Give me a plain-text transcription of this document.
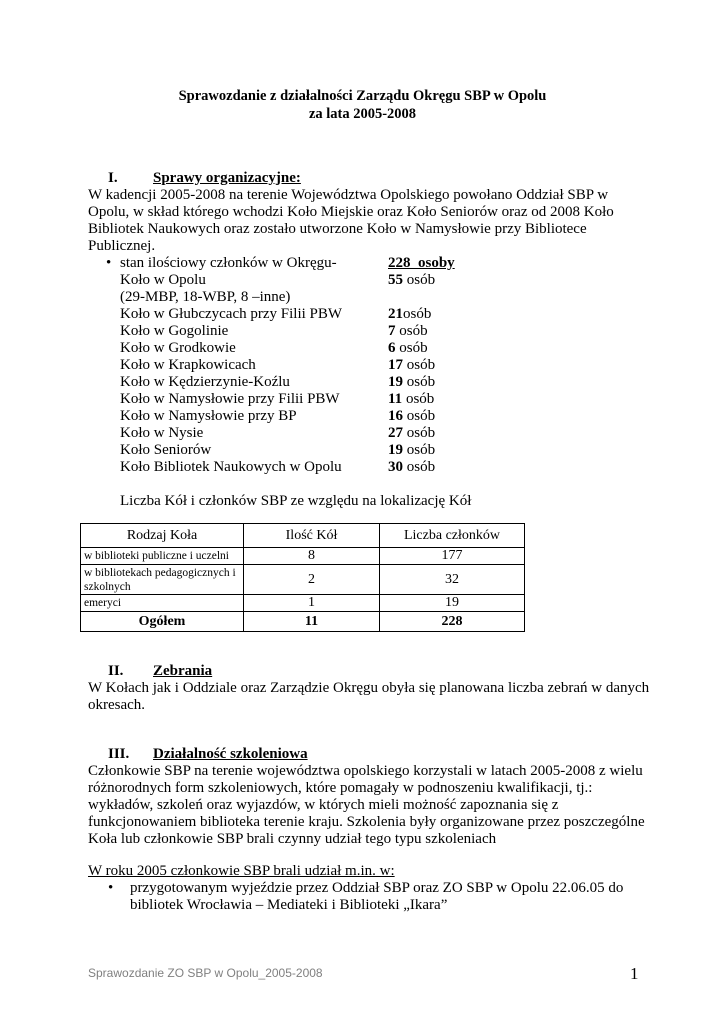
Sprawozdanie z działalności Zarządu Okręgu SBP w Opolu
za lata 2005-2008
I. Sprawy organizacyjne:
W kadencji 2005-2008 na terenie Województwa Opolskiego powołano Oddział SBP w
Opolu, w skład którego wchodzi Koło Miejskie oraz Koło Seniorów oraz od 2008 Koło
Bibliotek Naukowych oraz zostało utworzone Koło w Namysłowie przy Bibliotece
Publicznej.
• stan ilościowy członków w Okręgu-	228 osoby
Koło w Opolu	55 osób
(29-MBP, 18-WBP, 8 –inne)
Koło w Głubczycach przy Filii PBW	21osób
Koło w Gogolinie	7 osób
Koło w Grodkowie	6 osób
Koło w Krapkowicach	17 osób
Koło w Kędzierzynie-Koźlu	19 osób
Koło w Namysłowie przy Filii PBW	11 osób
Koło w Namysłowie przy BP	16 osób
Koło w Nysie	27 osób
Koło Seniorów	19 osób
Koło Bibliotek Naukowych w Opolu	30 osób
Liczba Kół i członków SBP ze względu na lokalizację Kół
Rodzaj Koła	Ilość Kół	Liczba członków
w biblioteki publiczne i uczelni	8	177
w bibliotekach pedagogicznych i szkolnych	2	32
emeryci	1	19
Ogółem	11	228
II. Zebrania
W Kołach jak i Oddziale oraz Zarządzie Okręgu obyła się planowana liczba zebrań w danych
okresach.
III. Działalność szkoleniowa
Członkowie SBP na terenie województwa opolskiego korzystali w latach 2005-2008 z wielu
różnorodnych form szkoleniowych, które pomagały w podnoszeniu kwalifikacji, tj.:
wykładów, szkoleń oraz wyjazdów, w których mieli możność zapoznania się z
funkcjonowaniem biblioteka terenie kraju. Szkolenia były organizowane przez poszczególne
Koła lub członkowie SBP brali czynny udział tego typu szkoleniach
W roku 2005 członkowie SBP brali udział m.in. w:
• przygotowanym wyjeździe przez Oddział SBP oraz ZO SBP w Opolu 22.06.05 do
bibliotek Wrocławia – Mediateki i Biblioteki „Ikara”
Sprawozdanie ZO SBP w Opolu_2005-2008	1
